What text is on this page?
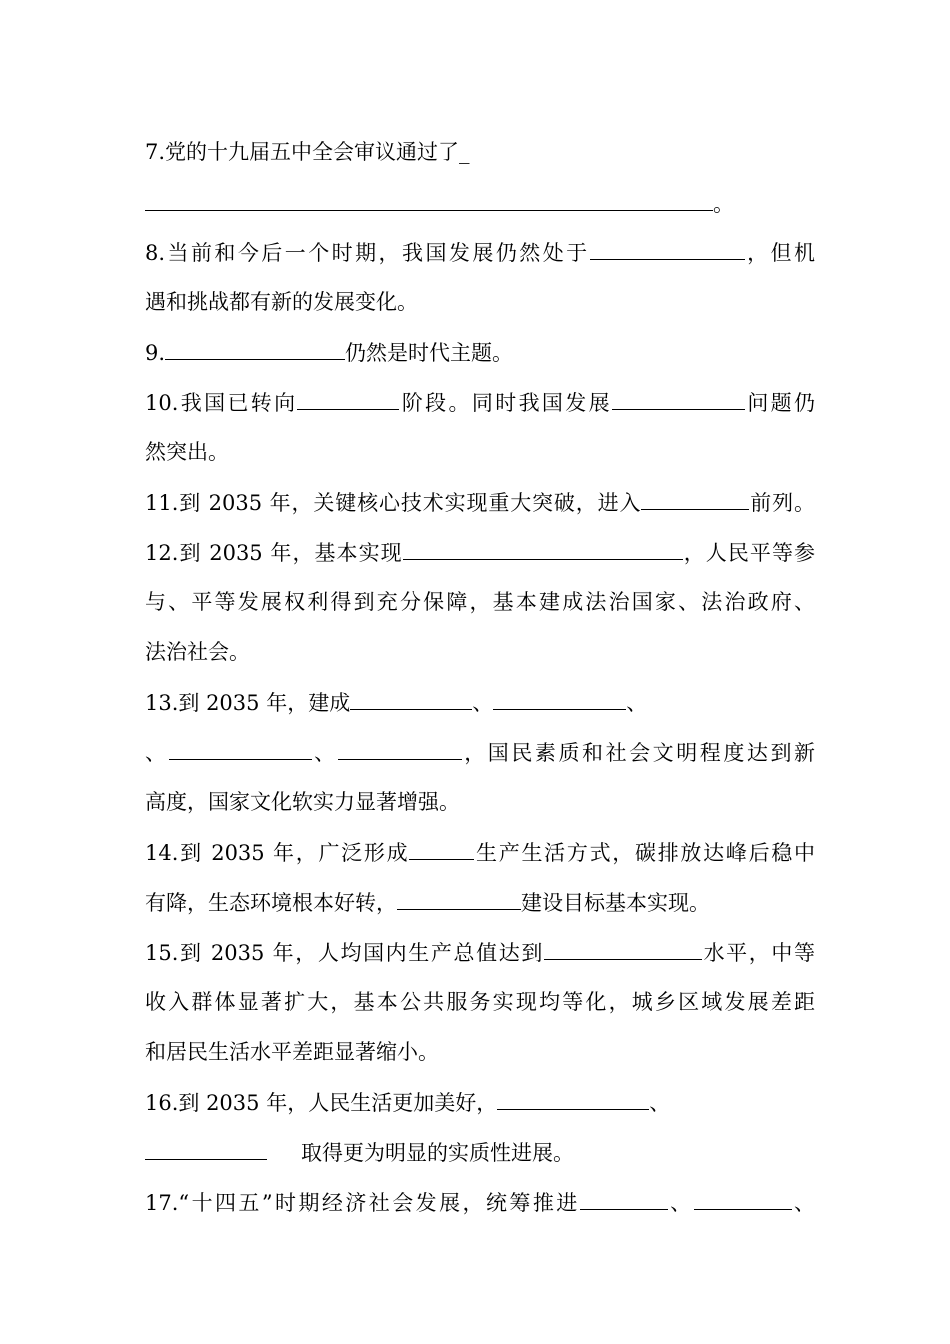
7.党的十九届五中全会审议通过了_
。
8.当前和今后一个时期，我国发展仍然处于	，但机
遇和挑战都有新的发展变化。
9.	仍然是时代主题。
10.我国已转向	阶段。同时我国发展	问题仍
然突出。
11.到 2035 年，关键核心技术实现重大突破，进入	前列。
12.到 2035 年，基本实现	，人民平等参
与、平等发展权利得到充分保障，基本建成法治国家、法治政府、
法治社会。
13.到 2035 年，建成	、	、
、	、	，国民素质和社会文明程度达到新
高度，国家文化软实力显著增强。
14.到 2035 年，广泛形成	生产生活方式，碳排放达峰后稳中
有降，生态环境根本好转，	建设目标基本实现。
15.到 2035 年，人均国内生产总值达到	水平，中等
收入群体显著扩大，基本公共服务实现均等化，城乡区域发展差距
和居民生活水平差距显著缩小。
16.到 2035 年，人民生活更加美好，	、
取得更为明显的实质性进展。
17.“十四五”时期经济社会发展，统筹推进	、	、
